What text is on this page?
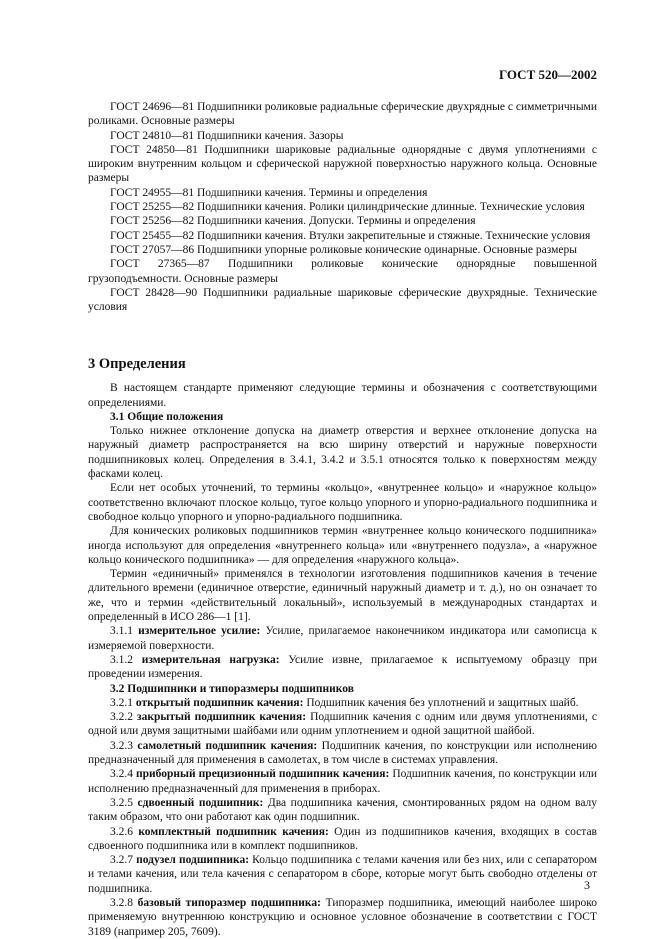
ГОСТ 520—2002

ГОСТ 24696—81 Подшипники роликовые радиальные сферические двухрядные с симметричными роликами. Основные размеры

ГОСТ 24810—81 Подшипники качения. Зазоры

ГОСТ 24850—81 Подшипники шариковые радиальные однорядные с двумя уплотнениями с широким внутренним кольцом и сферической наружной поверхностью наружного кольца. Основные размеры

ГОСТ 24955—81 Подшипники качения. Термины и определения

ГОСТ 25255—82 Подшипники качения. Ролики цилиндрические длинные. Технические условия

ГОСТ 25256—82 Подшипники качения. Допуски. Термины и определения

ГОСТ 25455—82 Подшипники качения. Втулки закрепительные и стяжные. Технические условия

ГОСТ 27057—86 Подшипники упорные роликовые конические одинарные. Основные размеры

ГОСТ 27365—87 Подшипники роликовые конические однорядные повышенной грузоподъемности. Основные размеры

ГОСТ 28428—90 Подшипники радиальные шариковые сферические двухрядные. Технические условия

3 Определения

В настоящем стандарте применяют следующие термины и обозначения с соответствующими определениями.

3.1 Общие положения

Только нижнее отклонение допуска на диаметр отверстия и верхнее отклонение допуска на наружный диаметр распространяется на всю ширину отверстий и наружные поверхности подшипниковых колец. Определения в 3.4.1, 3.4.2 и 3.5.1 относятся только к поверхностям между фасками колец.

Если нет особых уточнений, то термины «кольцо», «внутреннее кольцо» и «наружное кольцо» соответственно включают плоское кольцо, тугое кольцо упорного и упорно-радиального подшипника и свободное кольцо упорного и упорно-радиального подшипника.

Для конических роликовых подшипников термин «внутреннее кольцо конического подшипника» иногда используют для определения «внутреннего кольца» или «внутреннего подузла», а «наружное кольцо конического подшипника» — для определения «наружного кольца».

Термин «единичный» применялся в технологии изготовления подшипников качения в течение длительного времени (единичное отверстие, единичный наружный диаметр и т. д.), но он означает то же, что и термин «действительный локальный», используемый в международных стандартах и определенный в ИСО 286—1 [1].

3.1.1 измерительное усилие: Усилие, прилагаемое наконечником индикатора или самописца к измеряемой поверхности.

3.1.2 измерительная нагрузка: Усилие извне, прилагаемое к испытуемому образцу при проведении измерения.

3.2 Подшипники и типоразмеры подшипников

3.2.1 открытый подшипник качения: Подшипник качения без уплотнений и защитных шайб.

3.2.2 закрытый подшипник качения: Подшипник качения с одним или двумя уплотнениями, с одной или двумя защитными шайбами или одним уплотнением и одной защитной шайбой.

3.2.3 самолетный подшипник качения: Подшипник качения, по конструкции или исполнению предназначенный для применения в самолетах, в том числе в системах управления.

3.2.4 приборный прецизионный подшипник качения: Подшипник качения, по конструкции или исполнению предназначенный для применения в приборах.

3.2.5 сдвоенный подшипник: Два подшипника качения, смонтированных рядом на одном валу таким образом, что они работают как один подшипник.

3.2.6 комплектный подшипник качения: Один из подшипников качения, входящих в состав сдвоенного подшипника или в комплект подшипников.

3.2.7 подузел подшипника: Кольцо подшипника с телами качения или без них, или с сепаратором и телами качения, или тела качения с сепаратором в сборе, которые могут быть свободно отделены от подшипника.

3.2.8 базовый типоразмер подшипника: Типоразмер подшипника, имеющий наиболее широко применяемую внутреннюю конструкцию и основное условное обозначение в соответствии с ГОСТ 3189 (например 205, 7609).

3
